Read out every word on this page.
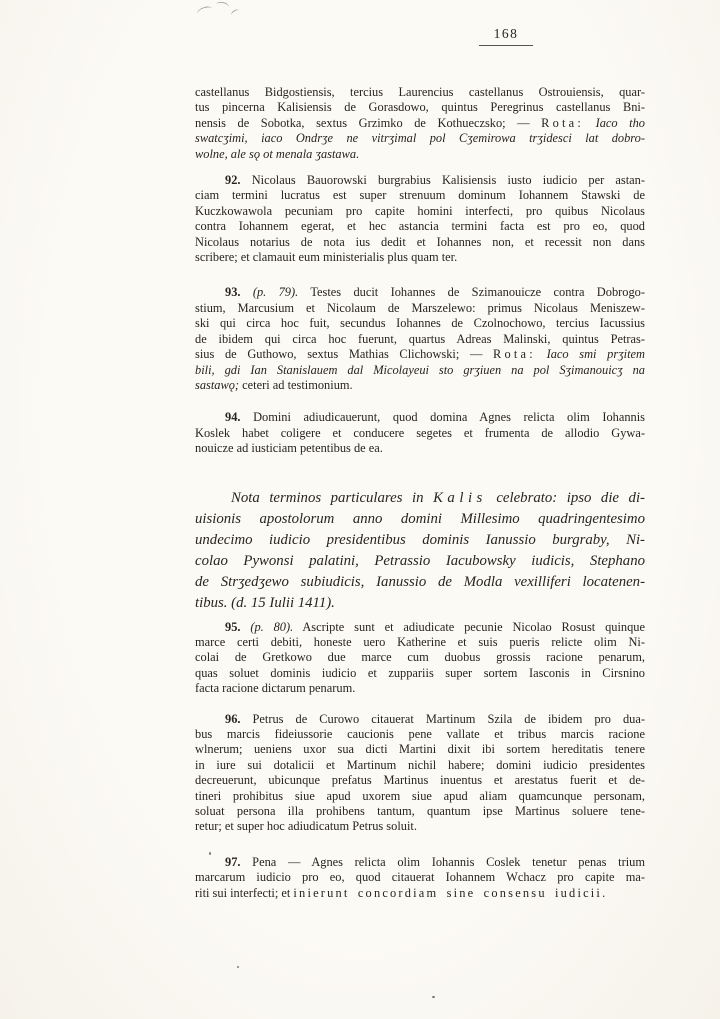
168
castellanus Bidgostiensis, tercius Laurencius castellanus Ostrouiensis, quar-
tus pincerna Kalisiensis de Gorasdowo, quintus Peregrinus castellanus Bni-
nensis de Sobotka, sextus Grzimko de Kothueczsko; — Rota: Iaco tho
swatcʒimi, iaco Ondrʒe ne vitrʒimal pol Cʒemirowa trʒidesci lat dobro-
wolne, ale sǫ ot menala ʒastawa.
92. Nicolaus Bauorowski burgrabius Kalisiensis iusto iudicio per astan-
ciam termini lucratus est super strenuum dominum Iohannem Stawski de
Kuczkowawola pecuniam pro capite homini interfecti, pro quibus Nicolaus
contra Iohannem egerat, et hec astancia termini facta est pro eo, quod
Nicolaus notarius de nota ius dedit et Iohannes non, et recessit non dans
scribere; et clamauit eum ministerialis plus quam ter.
93. (p. 79). Testes ducit Iohannes de Szimanouicze contra Dobrogo-
stium, Marcusium et Nicolaum de Marszelewo: primus Nicolaus Meniszew-
ski qui circa hoc fuit, secundus Iohannes de Czolnochowo, tercius Iacussius
de ibidem qui circa hoc fuerunt, quartus Adreas Malinski, quintus Petras-
sius de Guthowo, sextus Mathias Clichowski; — Rota: Iaco smi prʒitem
bili, gdi Ian Stanislauem dal Micolayeui sto grʒiuen na pol Sʒimanouicʒ na
sastawǫ; ceteri ad testimonium.
94. Domini adiudicauerunt, quod domina Agnes relicta olim Iohannis
Koslek habet coligere et conducere segetes et frumenta de allodio Gywa-
nouicze ad iusticiam petentibus de ea.
Nota terminos particulares in Kalis celebrato: ipso die di-
uisionis apostolorum anno domini Millesimo quadringentesimo
undecimo iudicio presidentibus dominis Ianussio burgraby, Ni-
colao Pywonsi palatini, Petrassio Iacubowsky iudicis, Stephano
de Strʒedʒewo subiudicis, Ianussio de Modla vexilliferi locatenen-
tibus. (d. 15 Iulii 1411).
95. (p. 80). Ascripte sunt et adiudicate pecunie Nicolao Rosust quinque
marce certi debiti, honeste uero Katherine et suis pueris relicte olim Ni-
colai de Gretkowo due marce cum duobus grossis racione penarum,
quas soluet dominis iudicio et zuppariis super sortem Iasconis in Cirsnino
facta racione dictarum penarum.
96. Petrus de Curowo citauerat Martinum Szila de ibidem pro dua-
bus marcis fideiussorie caucionis pene vallate et tribus marcis racione
wlnerum; ueniens uxor sua dicti Martini dixit ibi sortem hereditatis tenere
in iure sui dotalicii et Martinum nichil habere; domini iudicio presidentes
decreuerunt, ubicunque prefatus Martinus inuentus et arestatus fuerit et de-
tineri prohibitus siue apud uxorem siue apud aliam quamcunque personam,
soluat persona illa prohibens tantum, quantum ipse Martinus soluere tene-
retur; et super hoc adiudicatum Petrus soluit.
97. Pena — Agnes relicta olim Iohannis Coslek tenetur penas trium
marcarum iudicio pro eo, quod citauerat Iohannem Wchacz pro capite ma-
riti sui interfecti; et inierunt concordiam sine consensu iudicii.
